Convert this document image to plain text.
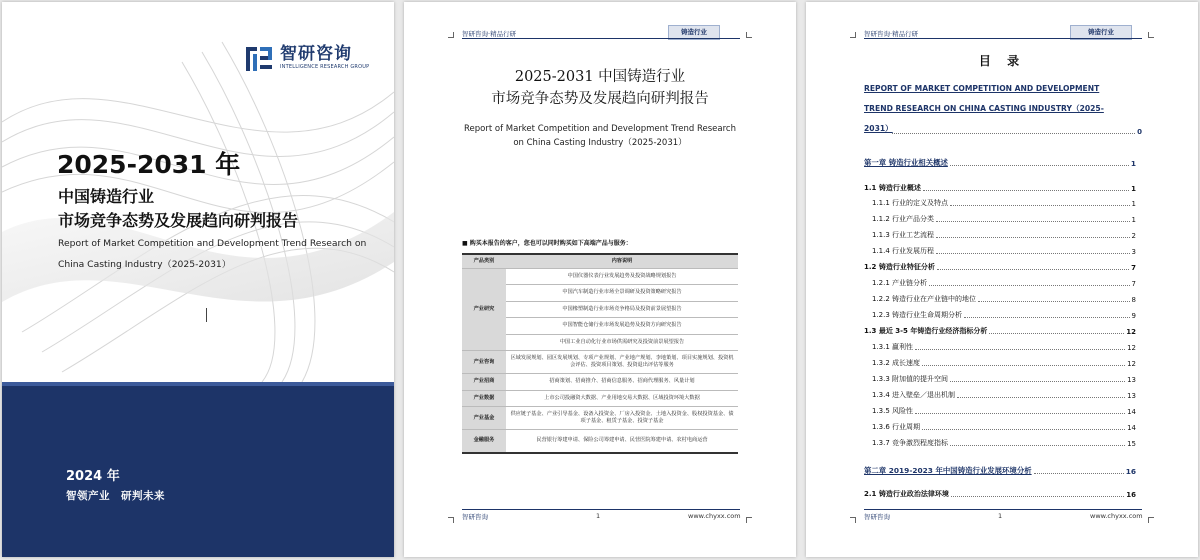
智研咨询
INTELLIGENCE RESEARCH GROUP
2025-2031 年
中国铸造行业
市场竞争态势及发展趋向研判报告
Report of Market Competition and Development Trend Research on China Casting Industry（2025-2031）
2024 年
智领产业　研判未来
智研咨询·精品行研	铸造行业
2025-2031 中国铸造行业
市场竞争态势及发展趋向研判报告
Report of Market Competition and Development Trend Research on China Casting Industry（2025-2031）
■ 购买本报告的客户，您也可以同时购买如下高端产品与服务：
产品类别	内容说明
产业研究	中国仪器仪表行业发展趋势及投资战略规划报告
	中国汽车制造行业市场全景调研及投资策略研究报告
	中国橡塑制造行业市场竞争格局及投资前景展望报告
	中国智能仓储行业市场发展趋势及投资方向研究报告
	中国工业自动化行业市场供需研究及投资前景展望报告
产业咨询	区域发展规划、园区发展规划、专项产业规划、产业地产规划、李地策划、项目实施规划、投资机会评估、投资项目策划、投资退出评估等服务
产业招商	招商策划、招商推介、招商信息服务、招商代理服务、风量计划
产业数据	上市公司投融资大数据、产业用地交易大数据、区域投资环境大数据
产业基金	供应链子基金、产业引导基金、设备入投资金、厂房入投资金、土地入投资金、股权投资基金、债项子基金、租赁子基金、投资子基金
金融服务	民营银行筹建申请、保险公司筹建申请、民营医院筹建申请、农村电商运营
智研咨询	1	www.chyxx.com
智研咨询·精品行研	铸造行业
目 录
REPORT OF MARKET COMPETITION AND DEVELOPMENT
TREND RESEARCH ON CHINA CASTING INDUSTRY（2025-
2031）	0
第一章 铸造行业相关概述	1
1.1 铸造行业概述	1
1.1.1 行业的定义及特点	1
1.1.2 行业产品分类	1
1.1.3 行业工艺流程	2
1.1.4 行业发展历程	3
1.2 铸造行业特征分析	7
1.2.1 产业链分析	7
1.2.2 铸造行业在产业链中的地位	8
1.2.3 铸造行业生命周期分析	9
1.3 最近 3-5 年铸造行业经济指标分析	12
1.3.1 赢利性	12
1.3.2 成长速度	12
1.3.3 附加值的提升空间	13
1.3.4 进入壁垒／退出机制	13
1.3.5 风险性	14
1.3.6 行业周期	14
1.3.7 竞争激烈程度指标	15
第二章 2019-2023 年中国铸造行业发展环境分析	16
2.1 铸造行业政治法律环境	16
智研咨询	1	www.chyxx.com
